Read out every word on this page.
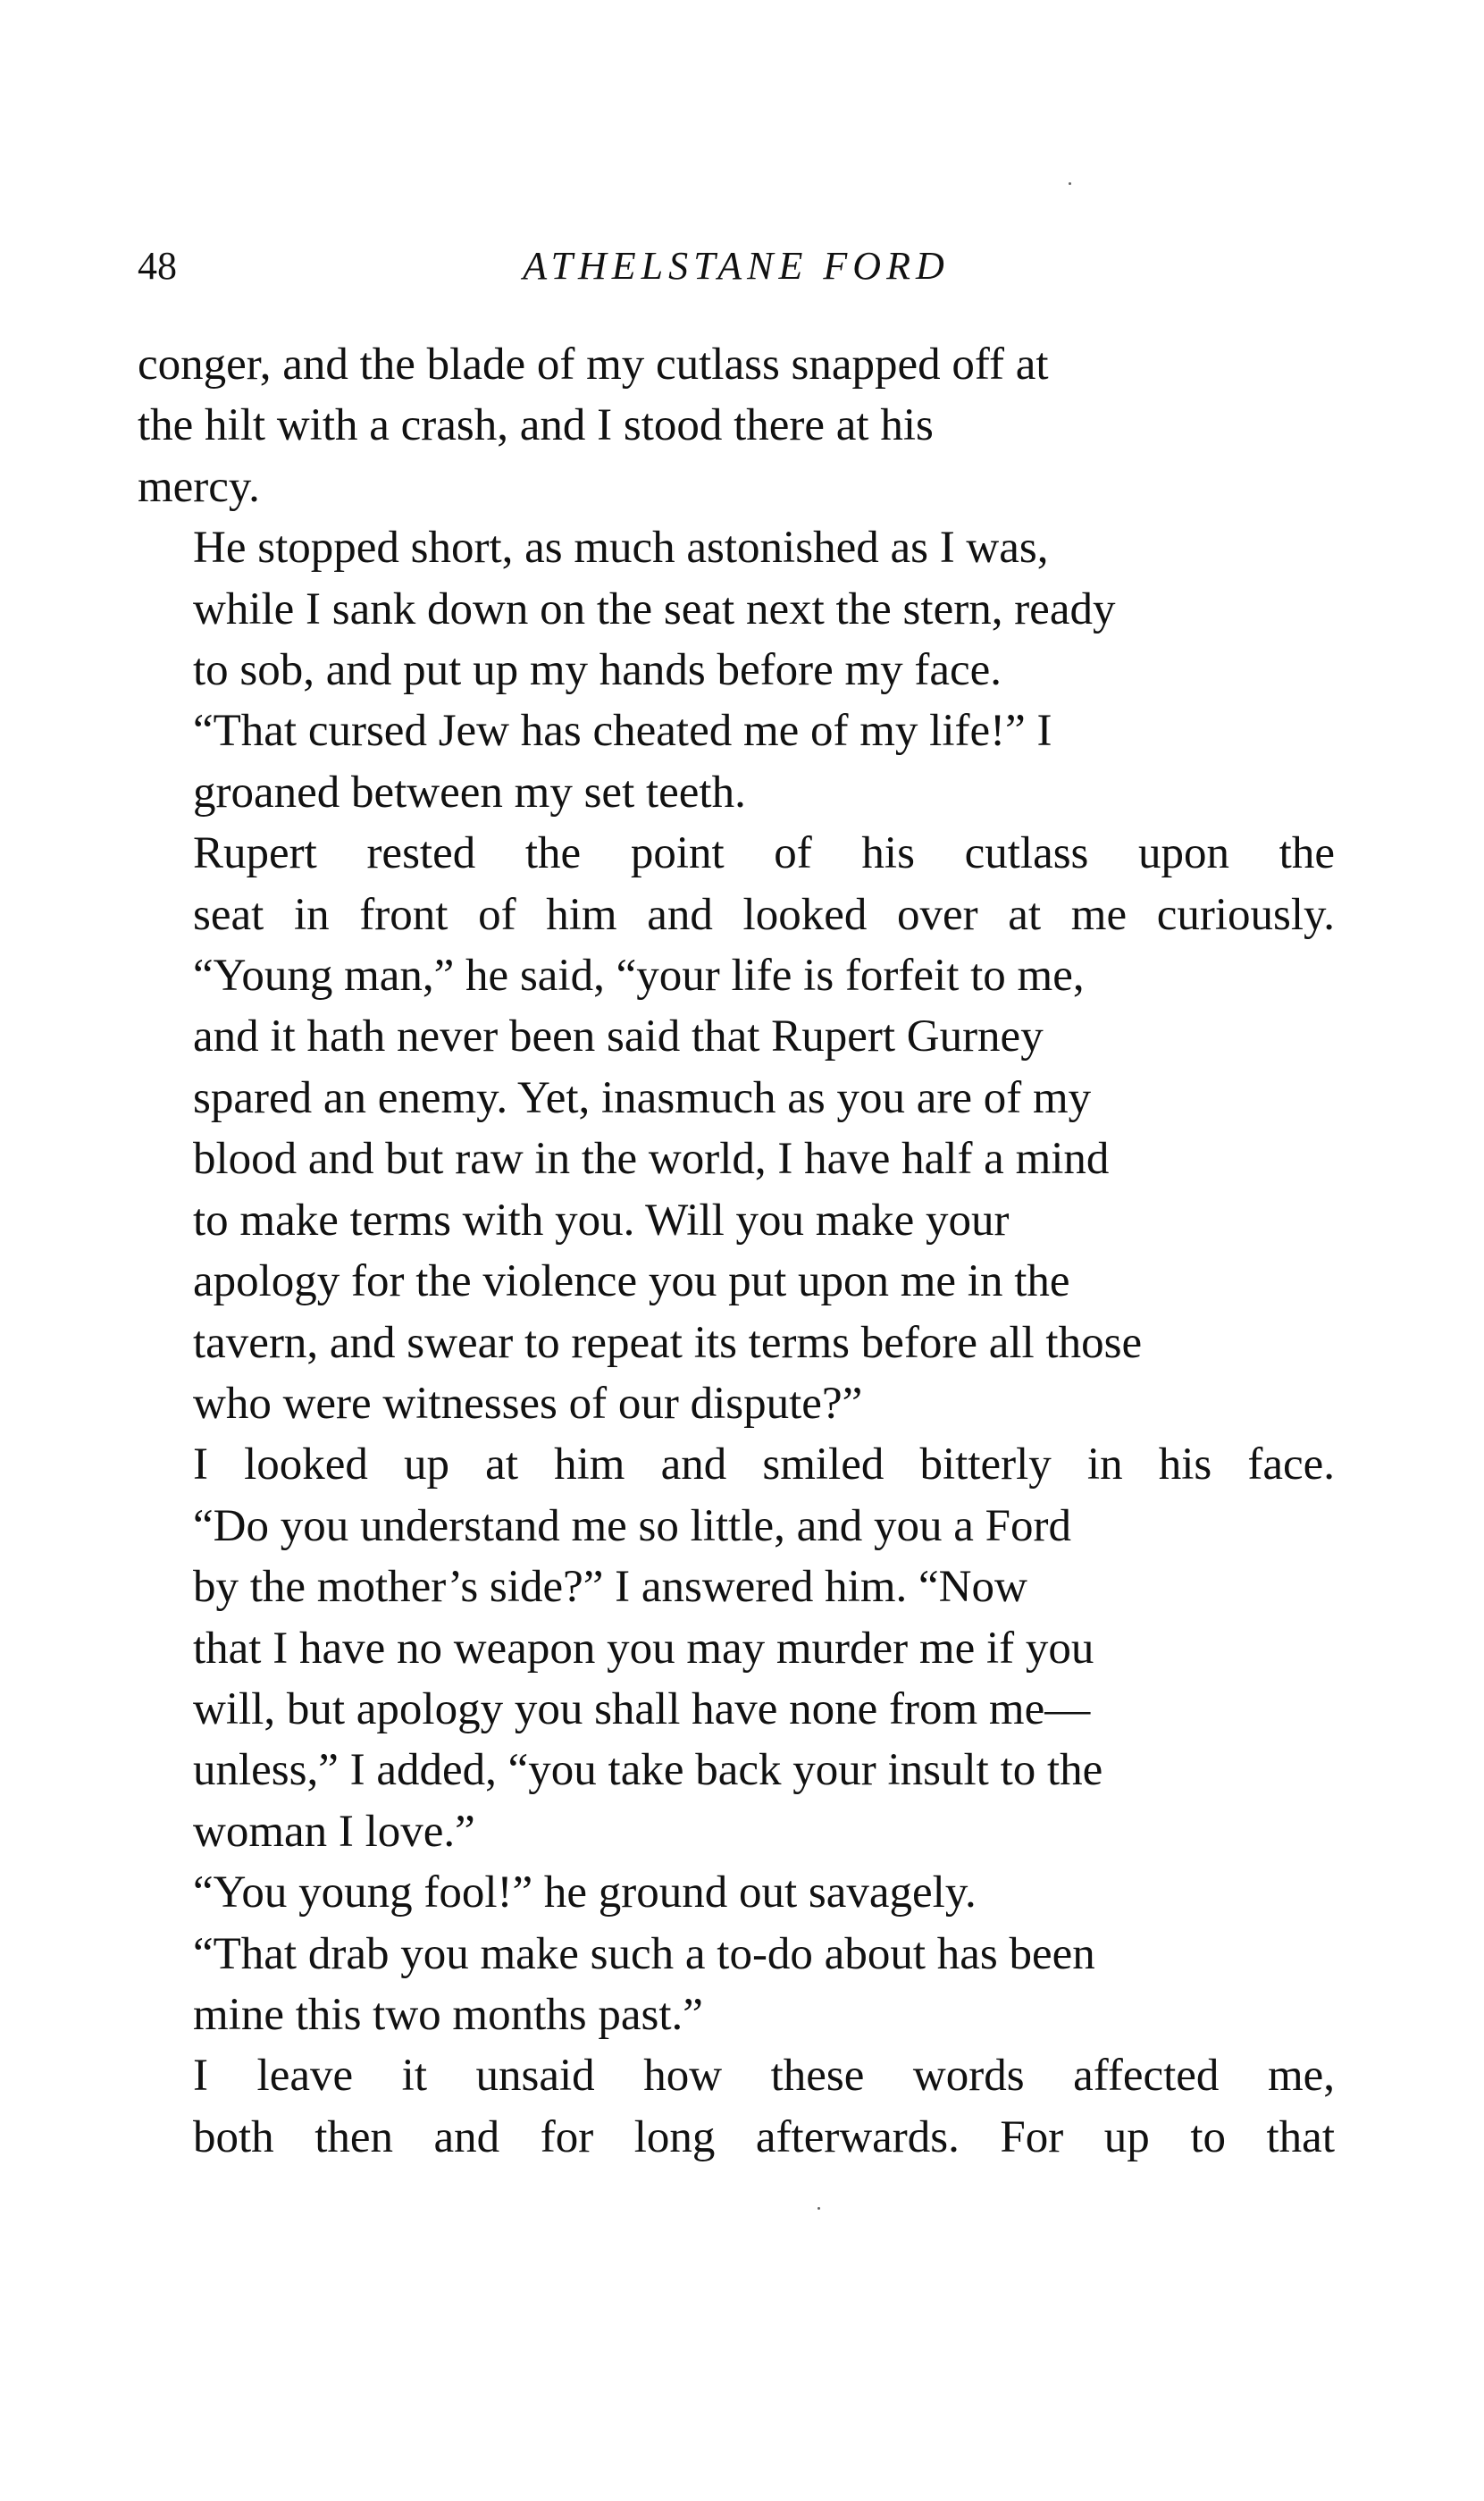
48	ATHELSTANE FORD

conger, and the blade of my cutlass snapped off at
the hilt with a crash, and I stood there at his
mercy.

He stopped short, as much astonished as I was,
while I sank down on the seat next the stern, ready
to sob, and put up my hands before my face.

“That cursed Jew has cheated me of my life!” I
groaned between my set teeth.

Rupert rested the point of his cutlass upon the
seat in front of him and looked over at me curiously.

“Young man,” he said, “your life is forfeit to me,
and it hath never been said that Rupert Gurney
spared an enemy. Yet, inasmuch as you are of my
blood and but raw in the world, I have half a mind
to make terms with you. Will you make your
apology for the violence you put upon me in the
tavern, and swear to repeat its terms before all those
who were witnesses of our dispute?”

I looked up at him and smiled bitterly in his face.

“Do you understand me so little, and you a Ford
by the mother’s side?” I answered him. “Now
that I have no weapon you may murder me if you
will, but apology you shall have none from me—
unless,” I added, “you take back your insult to the
woman I love.”

“You young fool!” he ground out savagely.
“That drab you make such a to-do about has been
mine this two months past.”

I leave it unsaid how these words affected me,
both then and for long afterwards. For up to that
